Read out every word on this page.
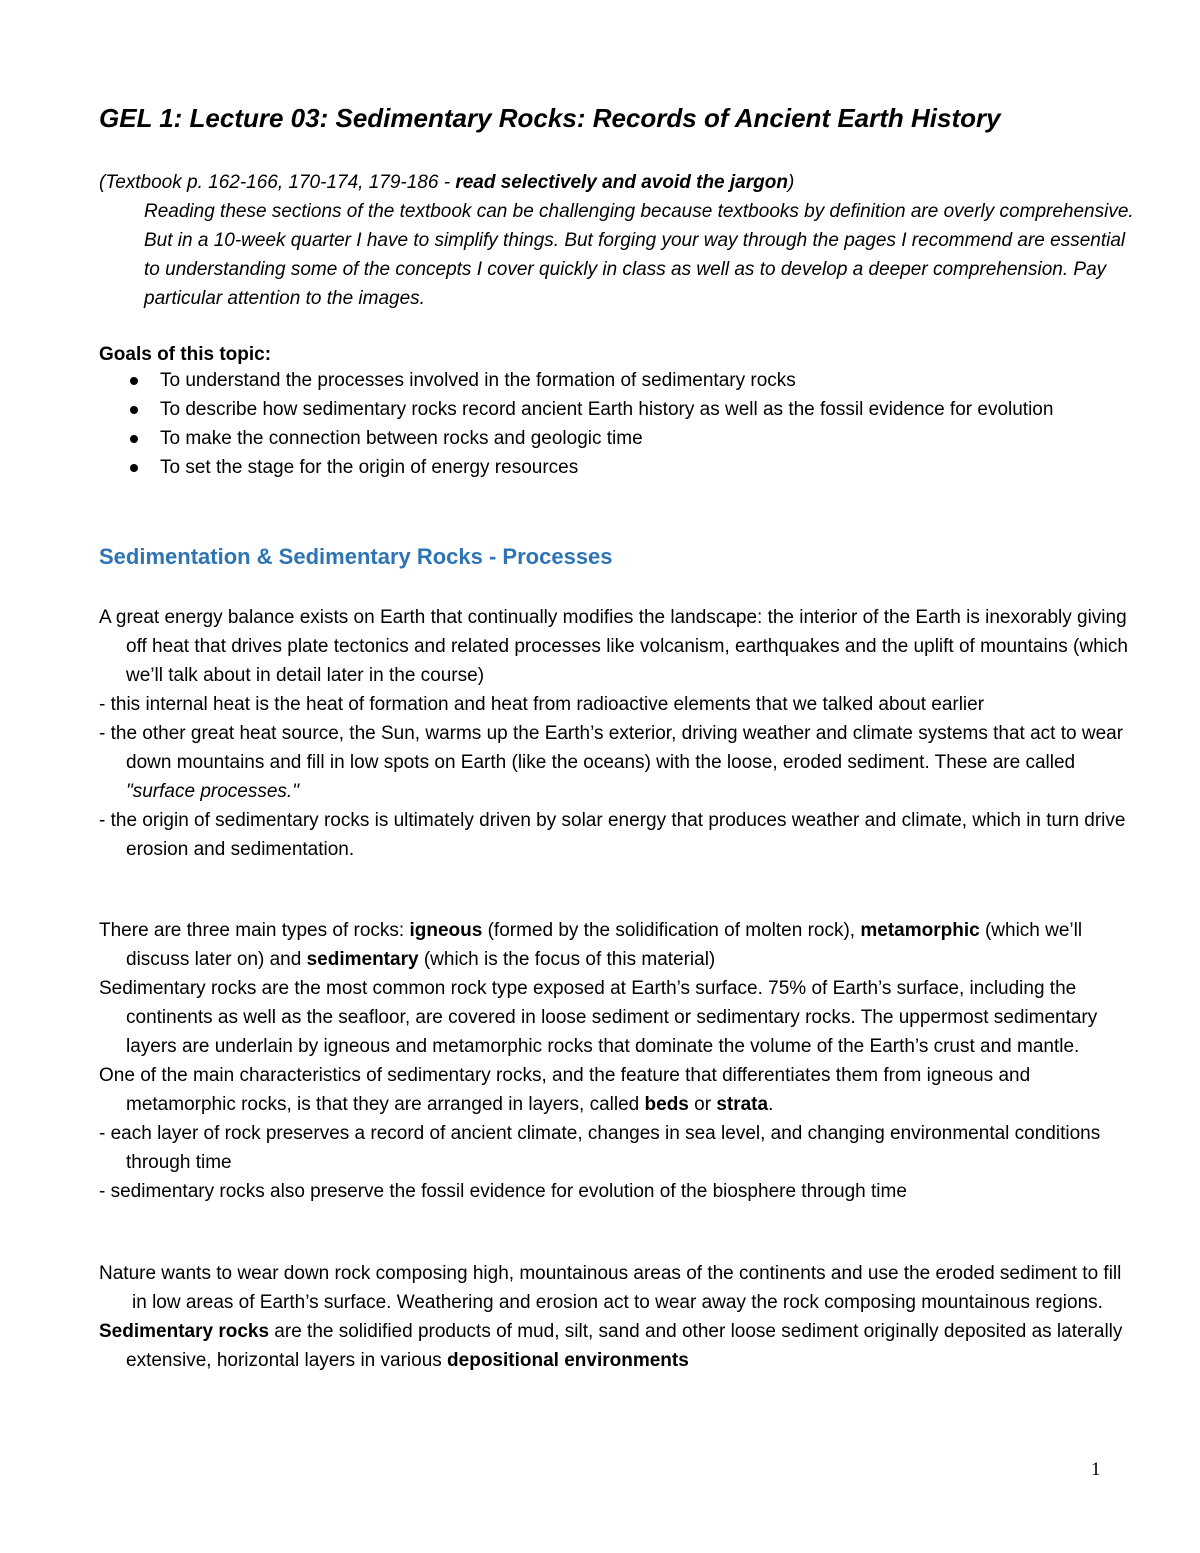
GEL 1: Lecture 03: Sedimentary Rocks: Records of Ancient Earth History
(Textbook p. 162-166, 170-174, 179-186 - read selectively and avoid the jargon)
Reading these sections of the textbook can be challenging because textbooks by definition are overly comprehensive. But in a 10-week quarter I have to simplify things. But forging your way through the pages I recommend are essential to understanding some of the concepts I cover quickly in class as well as to develop a deeper comprehension. Pay particular attention to the images.
Goals of this topic:
To understand the processes involved in the formation of sedimentary rocks
To describe how sedimentary rocks record ancient Earth history as well as the fossil evidence for evolution
To make the connection between rocks and geologic time
To set the stage for the origin of energy resources
Sedimentation & Sedimentary Rocks - Processes

A great energy balance exists on Earth that continually modifies the landscape: the interior of the Earth is inexorably giving off heat that drives plate tectonics and related processes like volcanism, earthquakes and the uplift of mountains (which we’ll talk about in detail later in the course)

- this internal heat is the heat of formation and heat from radioactive elements that we talked about earlier

- the other great heat source, the Sun, warms up the Earth’s exterior, driving weather and climate systems that act to wear down mountains and fill in low spots on Earth (like the oceans) with the loose, eroded sediment. These are called "surface processes."

- the origin of sedimentary rocks is ultimately driven by solar energy that produces weather and climate, which in turn drive erosion and sedimentation.

There are three main types of rocks: igneous (formed by the solidification of molten rock), metamorphic (which we’ll discuss later on) and sedimentary (which is the focus of this material)

Sedimentary rocks are the most common rock type exposed at Earth’s surface. 75% of Earth’s surface, including the continents as well as the seafloor, are covered in loose sediment or sedimentary rocks. The uppermost sedimentary layers are underlain by igneous and metamorphic rocks that dominate the volume of the Earth’s crust and mantle.

One of the main characteristics of sedimentary rocks, and the feature that differentiates them from igneous and metamorphic rocks, is that they are arranged in layers, called beds or strata.

- each layer of rock preserves a record of ancient climate, changes in sea level, and changing environmental conditions through time

- sedimentary rocks also preserve the fossil evidence for evolution of the biosphere through time

Nature wants to wear down rock composing high, mountainous areas of the continents and use the eroded sediment to fill in low areas of Earth’s surface. Weathering and erosion act to wear away the rock composing mountainous regions.

Sedimentary rocks are the solidified products of mud, silt, sand and other loose sediment originally deposited as laterally extensive, horizontal layers in various depositional environments

1
